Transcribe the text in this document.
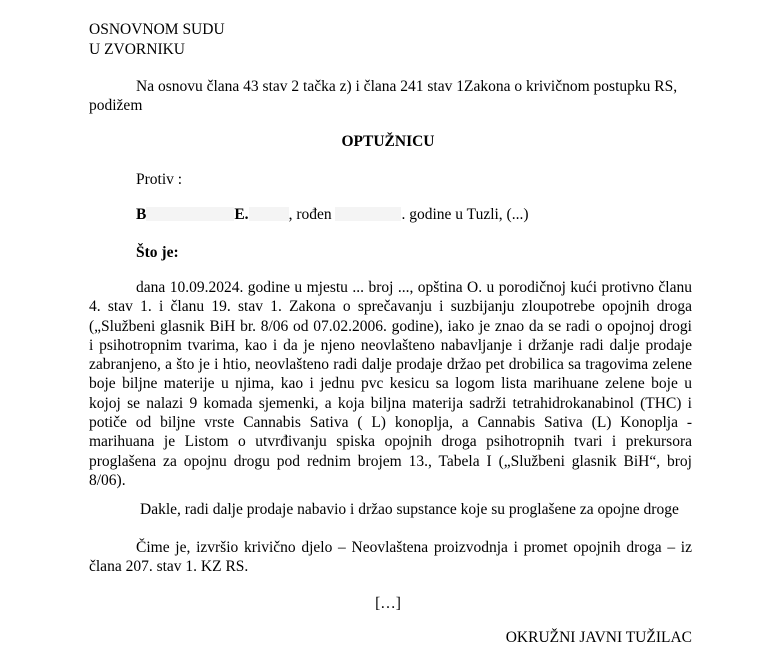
OSNOVNOM SUDU
U ZVORNIKU
Na osnovu člana 43 stav 2 tačka z) i člana 241 stav 1Zakona o krivičnom postupku RS,
podižem
OPTUŽNICU
Protiv :
B	E.	, rođen	. godine u Tuzli, (...)
Što je:
dana 10.09.2024. godine u mjestu ... broj ..., opština O. u porodičnoj kući protivno članu
4. stav 1. i članu 19. stav 1. Zakona o sprečavanju i suzbijanju zloupotrebe opojnih droga
(„Službeni glasnik BiH br. 8/06 od 07.02.2006. godine), iako je znao da se radi o opojnoj drogi
i psihotropnim tvarima, kao i da je njeno neovlašteno nabavljanje i držanje radi dalje prodaje
zabranjeno, a što je i htio, neovlašteno radi dalje prodaje držao pet drobilica sa tragovima zelene
boje biljne materije u njima, kao i jednu pvc kesicu sa logom lista marihuane zelene boje u
kojoj se nalazi 9 komada sjemenki, a koja biljna materija sadrži tetrahidrokanabinol (THC) i
potiče od biljne vrste Cannabis Sativa ( L) konoplja, a Cannabis Sativa (L) Konoplja -
marihuana je Listom o utvrđivanju spiska opojnih droga psihotropnih tvari i prekursora
proglašena za opojnu drogu pod rednim brojem 13., Tabela I („Službeni glasnik BiH“, broj
8/06).
Dakle, radi dalje prodaje nabavio i držao supstance koje su proglašene za opojne droge
Čime je, izvršio krivično djelo – Neovlaštena proizvodnja i promet opojnih droga – iz
člana 207. stav 1. KZ RS.
[…]
OKRUŽNI JAVNI TUŽILAC
